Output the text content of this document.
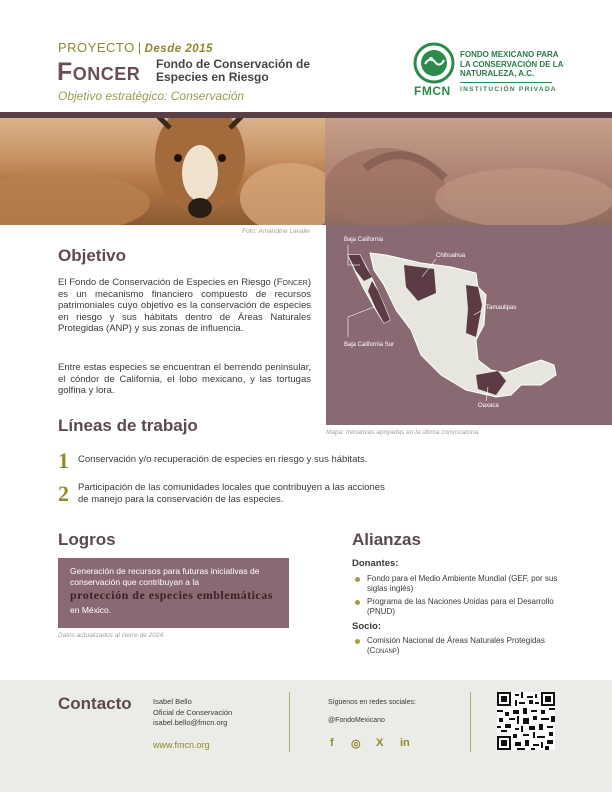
PROYECTO | Desde 2015
Foncer Fondo de Conservación de Especies en Riesgo
Objetivo estratégico: Conservación	FMCN
FONDO MEXICANO PARA LA CONSERVACIÓN DE LA NATURALEZA, A.C.
INSTITUCIÓN PRIVADA
Foto: Amandine Lavalle
Baja California
Chihuahua
Tamaulipas
Baja California Sur
Oaxaca
Mapa: Iniciativas apoyadas en la última convocatoria.
Objetivo
El Fondo de Conservación de Especies en Riesgo (Foncer) es un mecanismo financiero compuesto de recursos patrimoniales cuyo objetivo es la conservación de especies en riesgo y sus hábitats dentro de Áreas Naturales Protegidas (ANP) y sus zonas de influencia.
Entre estas especies se encuentran el berrendo peninsular, el cóndor de California, el lobo mexicano, y las tortugas golfina y lora.
Líneas de trabajo
1 Conservación y/o recuperación de especies en riesgo y sus hábitats.
2 Participación de las comunidades locales que contribuyen a las acciones de manejo para la conservación de las especies.
Logros
Generación de recursos para futuras iniciativas de conservación que contribuyan a la
protección de especies emblemáticas en México.
Datos actualizados al cierre de 2024.
Alianzas
Donantes:
Fondo para el Medio Ambiente Mundial (GEF, por sus siglas inglés)
Programa de las Naciones Unidas para el Desarrollo (PNUD)
Socio:
Comisión Nacional de Áreas Naturales Protegidas
(Conanp)
Contacto	Isabel Bello
Oficial de Conservación
isabel.bello@fmcn.org
www.fmcn.org
Síguenos en redes sociales:
@FondoMexicano
f ◎ X in
